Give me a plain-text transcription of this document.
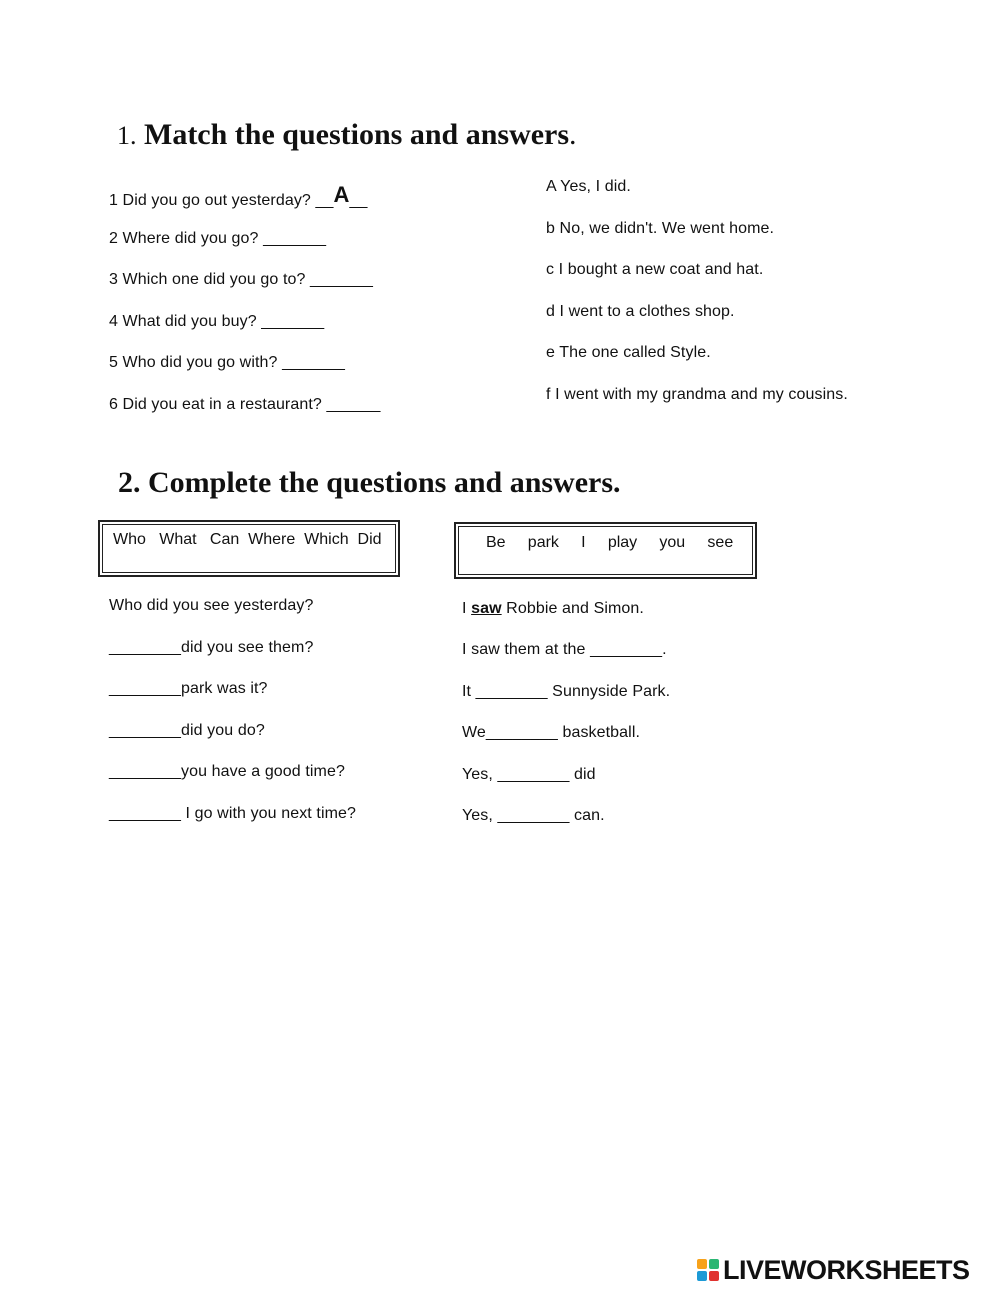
1. Match the questions and answers.
1 Did you go out yesterday? __A__
2 Where did you go? _______
3 Which one did you go to? _______
4 What did you buy? _______
5 Who did you go with? _______
6 Did you eat in a restaurant? ______
A Yes, I did.
b No, we didn't. We went home.
c I bought a new coat and hat.
d I went to a clothes shop.
e The one called Style.
f I went with my grandma and my cousins.
2. Complete the questions and answers.
Who   What   Can  Where  Which  Did	Be     park     I     play     you     see
Who did you see yesterday?
________did you see them?
________park was it?
________did you do?
________you have a good time?
________ I go with you next time?
I saw Robbie and Simon.
I saw them at the ________.
It ________ Sunnyside Park.
We________ basketball.
Yes, ________ did
Yes, ________ can.
LIVEWORKSHEETS
